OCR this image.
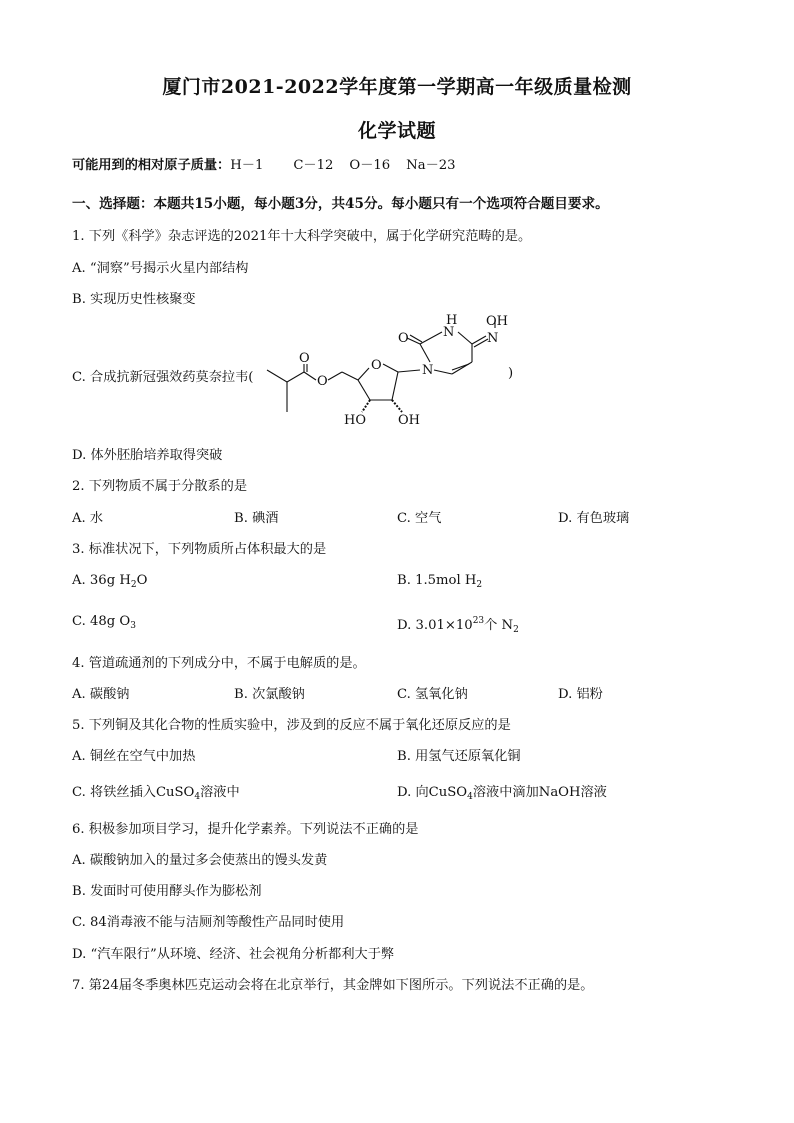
厦门市2021-2022学年度第一学期高一年级质量检测
化学试题
可能用到的相对原子质量：H－1 C－12 O－16 Na－23
一、选择题：本题共15小题，每小题3分，共45分。每小题只有一个选项符合题目要求。
1. 下列《科学》杂志评选的2021年十大科学突破中，属于化学研究范畴的是。
A. “洞察”号揭示火星内部结构
B. 实现历史性核聚变
C. 合成抗新冠强效药莫奈拉韦(	)
O
O
O	N
N
H
O	N
OH
HO OH
D. 体外胚胎培养取得突破
2. 下列物质不属于分散系的是
A. 水	B. 碘酒	C. 空气	D. 有色玻璃
3. 标准状况下，下列物质所占体积最大的是
A. 36g $H_2O$	B. 1.5mol $H_2$
C. 48g $O_3$	D. $3.01\times 10^{23}$个 $N_2$
4. 管道疏通剂的下列成分中，不属于电解质的是。
A. 碳酸钠	B. 次氯酸钠	C. 氢氧化钠	D. 铝粉
5. 下列铜及其化合物的性质实验中，涉及到的反应不属于氧化还原反应的是
A. 铜丝在空气中加热	B. 用氢气还原氧化铜
C. 将铁丝插入CuSO$_4$溶液中	D. 向CuSO$_4$溶液中滴加NaOH溶液
6. 积极参加项目学习，提升化学素养。下列说法不正确的是
A. 碳酸钠加入的量过多会使蒸出的馒头发黄
B. 发面时可使用酵头作为膨松剂
C. 84消毒液不能与洁厕剂等酸性产品同时使用
D. “汽车限行”从环境、经济、社会视角分析都利大于弊
7. 第24届冬季奥林匹克运动会将在北京举行，其金牌如下图所示。下列说法不正确的是。
